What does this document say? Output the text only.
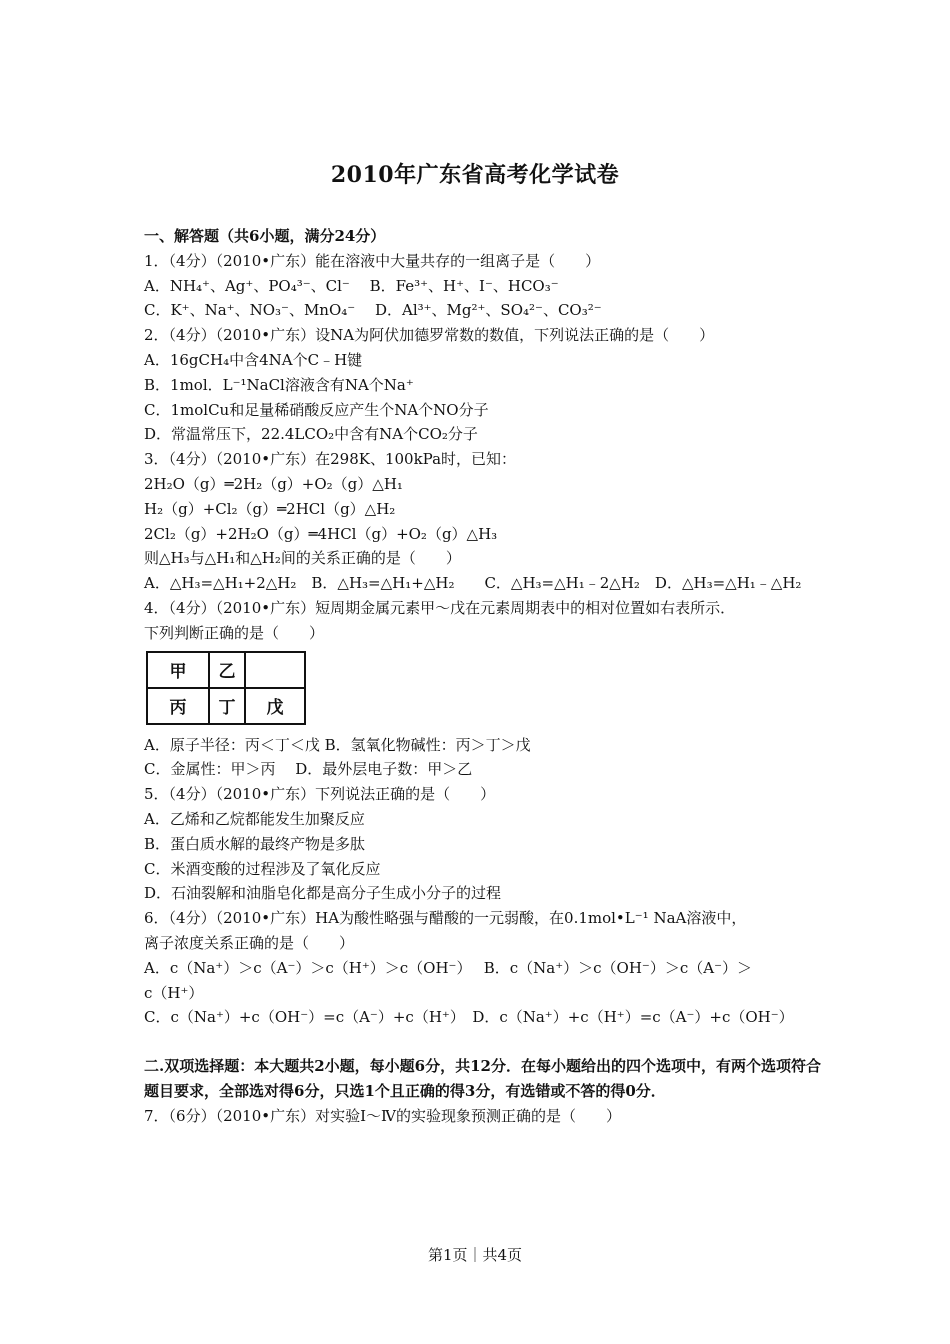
2010年广东省高考化学试卷
一、解答题（共6小题，满分24分）
1．（4分）（2010•广东）能在溶液中大量共存的一组离子是（　　）
A．NH₄⁺、Ag⁺、PO₄³⁻、Cl⁻　 B．Fe³⁺、H⁺、I⁻、HCO₃⁻
C．K⁺、Na⁺、NO₃⁻、MnO₄⁻　 D．Al³⁺、Mg²⁺、SO₄²⁻、CO₃²⁻
2．（4分）（2010•广东）设NA为阿伏加德罗常数的数值，下列说法正确的是（　　）
A．16gCH₄中含4NA个C﹣H键
B．1mol．L⁻¹NaCl溶液含有NA个Na⁺
C．1molCu和足量稀硝酸反应产生个NA个NO分子
D．常温常压下，22.4LCO₂中含有NA个CO₂分子
3．（4分）（2010•广东）在298K、100kPa时，已知：
2H₂O（g）═2H₂（g）+O₂（g）△H₁
H₂（g）+Cl₂（g）═2HCl（g）△H₂
2Cl₂（g）+2H₂O（g）═4HCl（g）+O₂（g）△H₃
则△H₃与△H₁和△H₂间的关系正确的是（　　）
A．△H₃=△H₁+2△H₂　B．△H₃=△H₁+△H₂　　C．△H₃=△H₁﹣2△H₂　D．△H₃=△H₁﹣△H₂
4．（4分）（2010•广东）短周期金属元素甲～戊在元素周期表中的相对位置如右表所示．
下列判断正确的是（　　）
甲	乙	
丙	丁	戊
A．原子半径：丙＜丁＜戊 B．氢氧化物碱性：丙＞丁＞戊
C．金属性：甲＞丙　 D．最外层电子数：甲＞乙
5．（4分）（2010•广东）下列说法正确的是（　　）
A．乙烯和乙烷都能发生加聚反应
B．蛋白质水解的最终产物是多肽
C．米酒变酸的过程涉及了氧化反应
D．石油裂解和油脂皂化都是高分子生成小分子的过程
6．（4分）（2010•广东）HA为酸性略强与醋酸的一元弱酸，在0.1mol•L⁻¹ NaA溶液中，
离子浓度关系正确的是（　　）
A．c（Na⁺）＞c（A⁻）＞c（H⁺）＞c（OH⁻）　 B．c（Na⁺）＞c（OH⁻）＞c（A⁻）＞
c（H⁺）
C．c（Na⁺）+c（OH⁻）=c（A⁻）+c（H⁺）　D．c（Na⁺）+c（H⁺）=c（A⁻）+c（OH⁻）
二.双项选择题：本大题共2小题，每小题6分，共12分．在每小题给出的四个选项中，有两个选项符合题目要求，全部选对得6分，只选1个且正确的得3分，有选错或不答的得0分．
7．（6分）（2010•广东）对实验Ⅰ～Ⅳ的实验现象预测正确的是（　　）
第1页｜共4页
